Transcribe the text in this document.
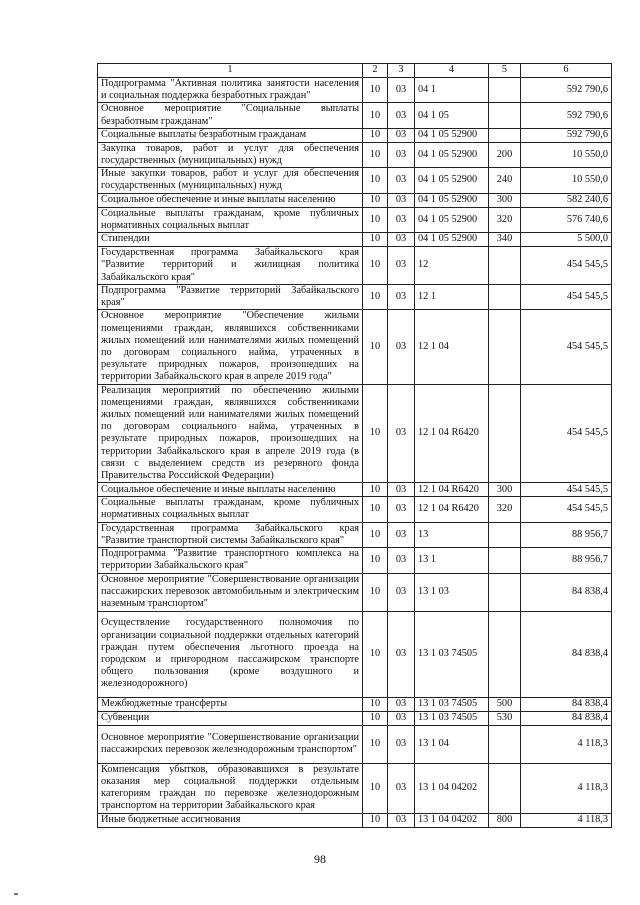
1	2	3	4	5	6
Подпрограмма "Активная политика занятости населения и социальная поддержка безработных граждан"	10	03	04 1		592 790,6
Основное мероприятие "Социальные выплаты безработным гражданам"	10	03	04 1 05		592 790,6
Социальные выплаты безработным гражданам	10	03	04 1 05 52900		592 790,6
Закупка товаров, работ и услуг для обеспечения государственных (муниципальных) нужд	10	03	04 1 05 52900	200	10 550,0
Иные закупки товаров, работ и услуг для обеспечения государственных (муниципальных) нужд	10	03	04 1 05 52900	240	10 550,0
Социальное обеспечение и иные выплаты населению	10	03	04 1 05 52900	300	582 240,6
Социальные выплаты гражданам, кроме публичных нормативных социальных выплат	10	03	04 1 05 52900	320	576 740,6
Стипендии	10	03	04 1 05 52900	340	5 500,0
Государственная программа Забайкальского края "Развитие территорий и жилищная политика Забайкальского края"	10	03	12		454 545,5
Подпрограмма "Развитие территорий Забайкальского края"	10	03	12 1		454 545,5
Основное мероприятие "Обеспечение жильми помещениями граждан, являвшихся собственниками жилых помещений или нанимателями жилых помещений по договорам социального найма, утраченных в результате природных пожаров, произошедших на территории Забайкальского края в апреле 2019 года"	10	03	12 1 04		454 545,5
Реализация мероприятий по обеспечению жилыми помещениями граждан, являвшихся собственниками жилых помещений или нанимателями жилых помещений по договорам социального найма, утраченных в результате природных пожаров, произошедших на территории Забайкальского края в апреле 2019 года (в связи с выделением средств из резервного фонда Правительства Российской Федерации)	10	03	12 1 04 R6420		454 545,5
Социальное обеспечение и иные выплаты населению	10	03	12 1 04 R6420	300	454 545,5
Социальные выплаты гражданам, кроме публичных нормативных социальных выплат	10	03	12 1 04 R6420	320	454 545,5
Государственная программа Забайкальского края "Развитие транспортной системы Забайкальского края"	10	03	13		88 956,7
Подпрограмма "Развитие транспортного комплекса на территории Забайкальского края"	10	03	13 1		88 956,7
Основное мероприятие "Совершенствование организации пассажирских перевозок автомобильным и электрическим наземным транспортом"	10	03	13 1 03		84 838,4
Осуществление государственного полномочия по организации социальной поддержки отдельных категорий граждан путем обеспечения льготного проезда на городском и пригородном пассажирском транспорте общего пользования (кроме воздушного и железнодорожного)	10	03	13 1 03 74505		84 838,4
Межбюджетные трансферты	10	03	13 1 03 74505	500	84 838,4
Субвенции	10	03	13 1 03 74505	530	84 838,4
Основное мероприятие "Совершенствование организации пассажирских перевозок железнодорожным транспортом"	10	03	13 1 04		4 118,3
Компенсация убытков, образовавшихся в результате оказания мер социальной поддержки отдельным категориям граждан по перевозке железнодорожным транспортом на территории Забайкальского края	10	03	13 1 04 04202		4 118,3
Иные бюджетные ассигнования	10	03	13 1 04 04202	800	4 118,3
98
